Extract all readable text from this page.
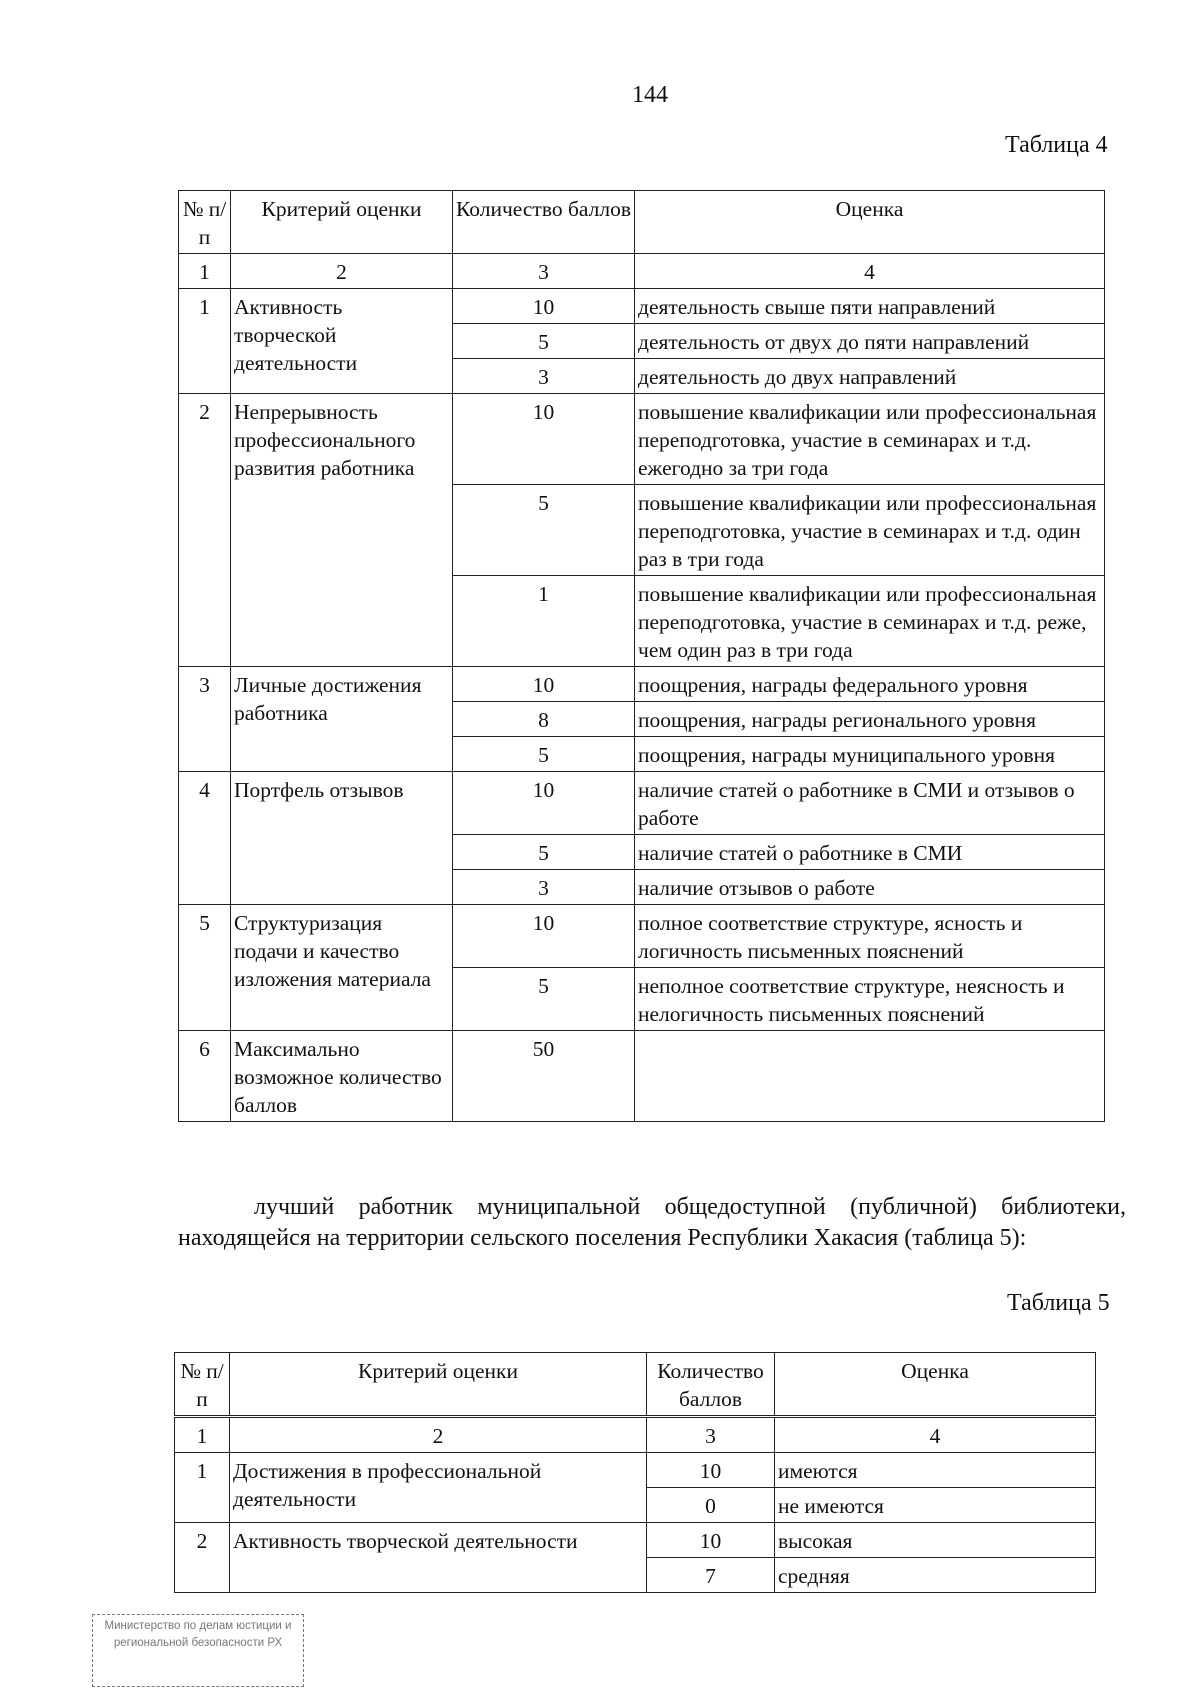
144
Таблица 4
№ п/п	Критерий оценки	Количество баллов	Оценка
1	2	3	4
1	Активность творческой деятельности	10	деятельность свыше пяти направлений
		5	деятельность от двух до пяти направлений
		3	деятельность до двух направлений
2	Непрерывность профессионального развития работника	10	повышение квалификации или профессиональная переподготовка, участие в семинарах и т.д. ежегодно за три года
		5	повышение квалификации или профессиональная переподготовка, участие в семинарах и т.д. один раз в три года
		1	повышение квалификации или профессиональная переподготовка, участие в семинарах и т.д. реже, чем один раз в три года
3	Личные достижения работника	10	поощрения, награды федерального уровня
		8	поощрения, награды регионального уровня
		5	поощрения, награды муниципального уровня
4	Портфель отзывов	10	наличие статей о работнике в СМИ и отзывов о работе
		5	наличие статей о работнике в СМИ
		3	наличие отзывов о работе
5	Структуризация подачи и качество изложения материала	10	полное соответствие структуре, ясность и логичность письменных пояснений
		5	неполное соответствие структуре, неясность и нелогичность письменных пояснений
6	Максимально возможное количество баллов	50	
лучший работник муниципальной общедоступной (публичной) библиотеки, находящейся на территории сельского поселения Республики Хакасия (таблица 5):
Таблица 5
№ п/п	Критерий оценки	Количество баллов	Оценка
1	2	3	4
1	Достижения в профессиональной деятельности	10	имеются
		0	не имеются
2	Активность творческой деятельности	10	высокая
		7	средняя
Министерство по делам юстиции и региональной безопасности РХ
